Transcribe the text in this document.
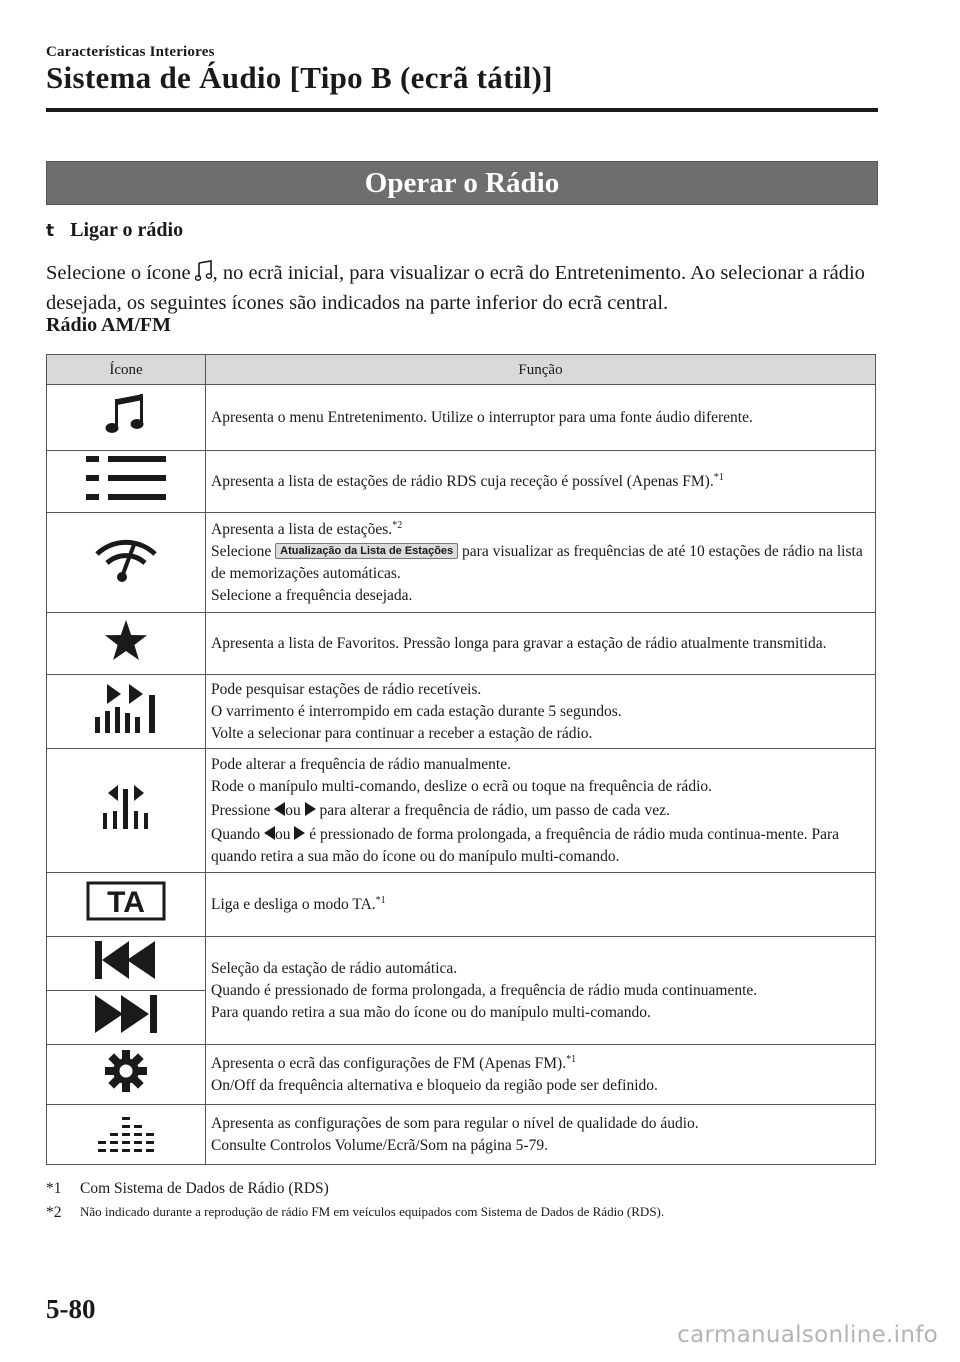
Características Interiores
Sistema de Áudio [Tipo B (ecrã tátil)]
Operar o Rádio
t Ligar o rádio
Selecione o ícone , no ecrã inicial, para visualizar o ecrã do Entretenimento. Ao selecionar a rádio desejada, os seguintes ícones são indicados na parte inferior do ecrã central.
Rádio AM/FM
Ícone	Função

Apresenta o menu Entretenimento. Utilize o interruptor para uma fonte áudio diferente.

Apresenta a lista de estações de rádio RDS cuja receção é possível (Apenas FM).$^{*1}$

Apresenta a lista de estações.$^{*2}$
Selecione Atualização da Lista de Estações para visualizar as frequências de até 10 estações de rádio na lista de memorizações automáticas.
Selecione a frequência desejada.

Apresenta a lista de Favoritos. Pressão longa para gravar a estação de rádio atualmente transmitida.

Pode pesquisar estações de rádio recetíveis.
O varrimento é interrompido em cada estação durante 5 segundos.
Volte a selecionar para continuar a receber a estação de rádio.

Pode alterar a frequência de rádio manualmente.
Rode o manípulo multi-comando, deslize o ecrã ou toque na frequência de rádio.
Pressione ou para alterar a frequência de rádio, um passo de cada vez.
Quando ou é pressionado de forma prolongada, a frequência de rádio muda continua-mente. Para quando retira a sua mão do ícone ou do manípulo multi-comando.

TA	Liga e desliga o modo TA.$^{*1}$

Seleção da estação de rádio automática.
Quando é pressionado de forma prolongada, a frequência de rádio muda continuamente.
Para quando retira a sua mão do ícone ou do manípulo multi-comando.

Apresenta o ecrã das configurações de FM (Apenas FM).$^{*1}$
On/Off da frequência alternativa e bloqueio da região pode ser definido.

Apresenta as configurações de som para regular o nível de qualidade do áudio.
Consulte Controlos Volume/Ecrã/Som na página 5-79.
*1	Com Sistema de Dados de Rádio (RDS)
*2	Não indicado durante a reprodução de rádio FM em veículos equipados com Sistema de Dados de Rádio (RDS).
5-80
carmanualsonline.info
